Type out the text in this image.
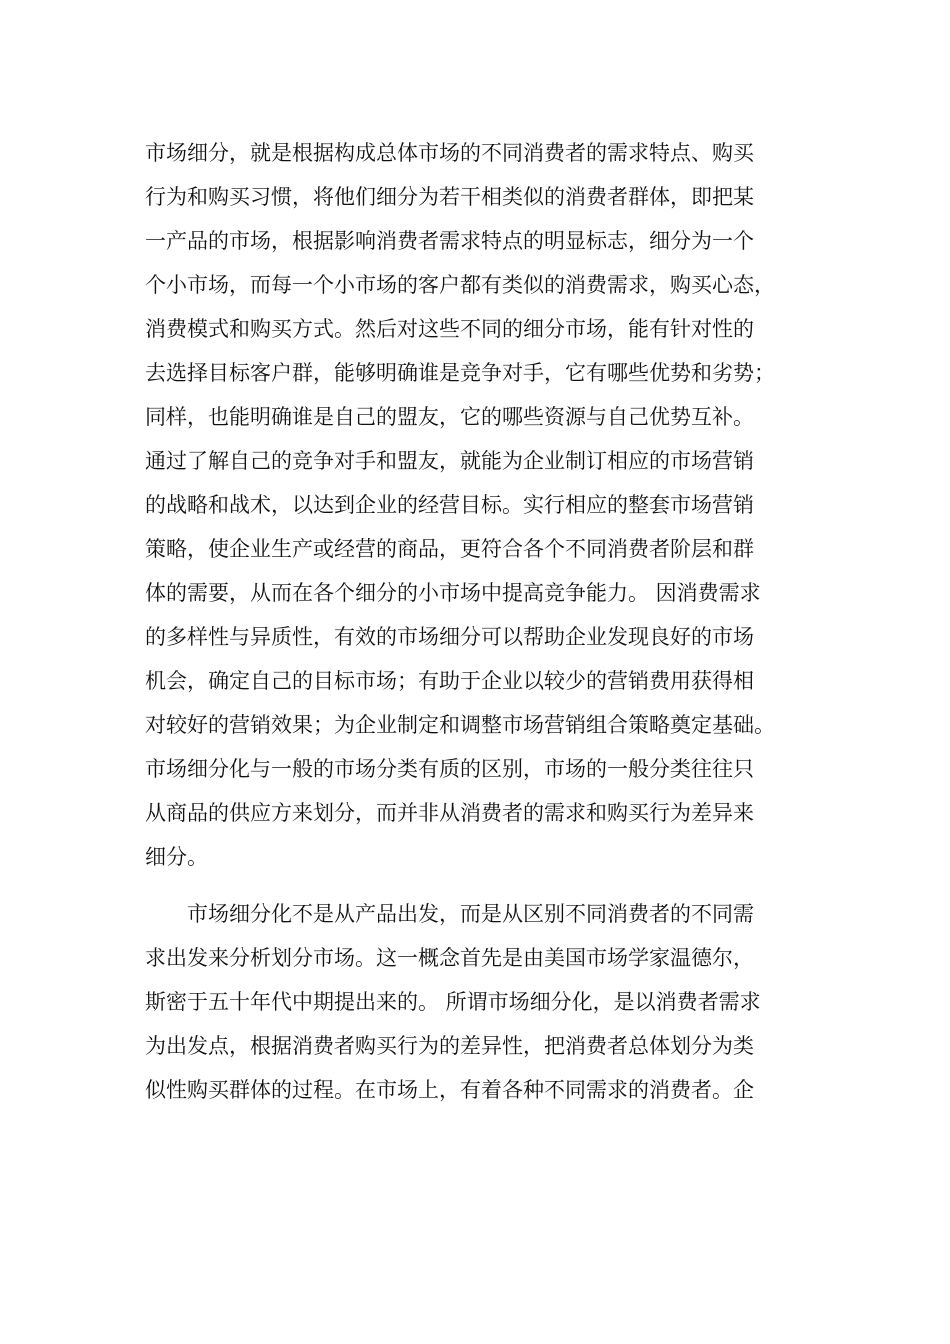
市场细分，就是根据构成总体市场的不同消费者的需求特点、购买
行为和购买习惯，将他们细分为若干相类似的消费者群体，即把某
一产品的市场，根据影响消费者需求特点的明显标志，细分为一个
个小市场，而每一个小市场的客户都有类似的消费需求，购买心态，
消费模式和购买方式。然后对这些不同的细分市场，能有针对性的
去选择目标客户群，能够明确谁是竞争对手，它有哪些优势和劣势；
同样，也能明确谁是自己的盟友，它的哪些资源与自己优势互补。
通过了解自己的竞争对手和盟友，就能为企业制订相应的市场营销
的战略和战术，以达到企业的经营目标。实行相应的整套市场营销
策略，使企业生产或经营的商品，更符合各个不同消费者阶层和群
体的需要，从而在各个细分的小市场中提高竞争能力。 因消费需求
的多样性与异质性，有效的市场细分可以帮助企业发现良好的市场
机会，确定自己的目标市场；有助于企业以较少的营销费用获得相
对较好的营销效果；为企业制定和调整市场营销组合策略奠定基础。
市场细分化与一般的市场分类有质的区别，市场的一般分类往往只
从商品的供应方来划分，而并非从消费者的需求和购买行为差异来
细分。
市场细分化不是从产品出发，而是从区别不同消费者的不同需
求出发来分析划分市场。这一概念首先是由美国市场学家温德尔，
斯密于五十年代中期提出来的。 所谓市场细分化，是以消费者需求
为出发点，根据消费者购买行为的差异性，把消费者总体划分为类
似性购买群体的过程。在市场上，有着各种不同需求的消费者。企
